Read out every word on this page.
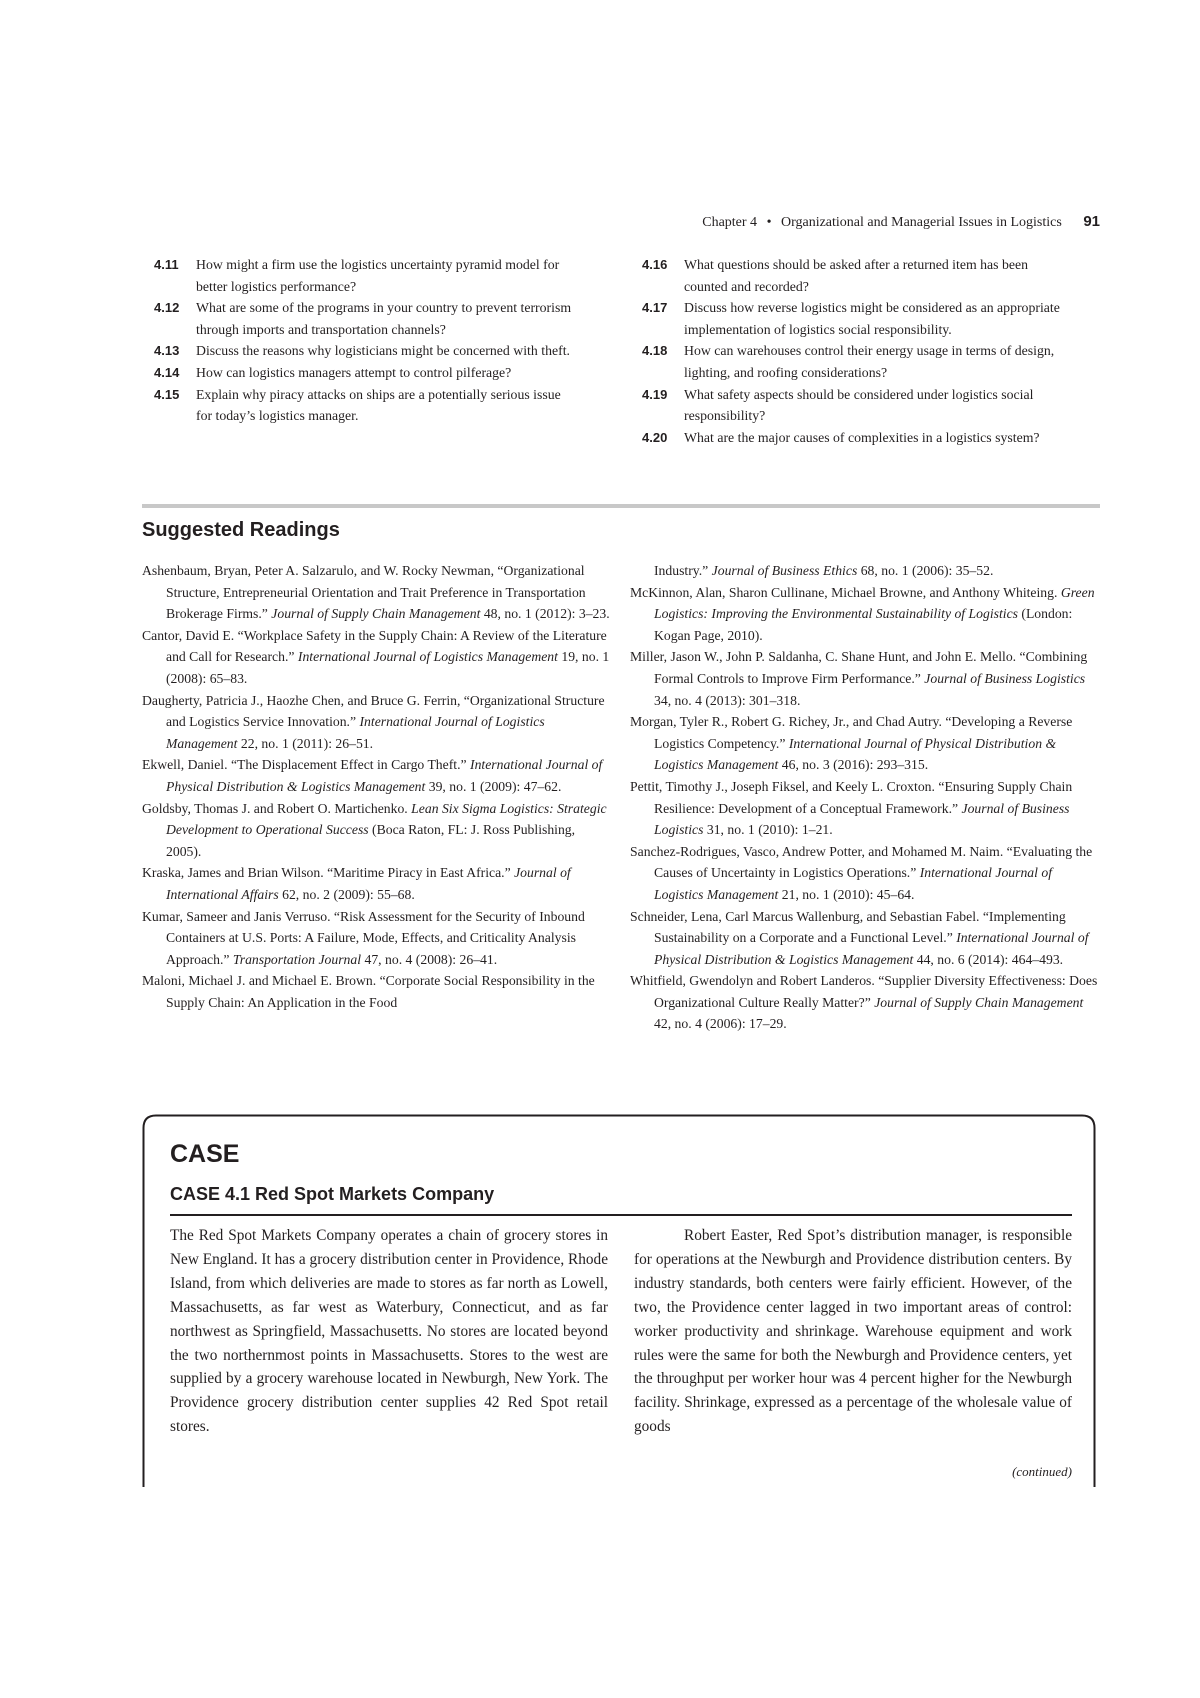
Chapter 4 • Organizational and Managerial Issues in Logistics 91
4.11	How might a firm use the logistics uncertainty pyramid model for better logistics performance?
4.12	What are some of the programs in your country to prevent terrorism through imports and transportation channels?
4.13	Discuss the reasons why logisticians might be concerned with theft.
4.14	How can logistics managers attempt to control pilferage?
4.15	Explain why piracy attacks on ships are a potentially serious issue for today’s logistics manager.
4.16	What questions should be asked after a returned item has been counted and recorded?
4.17	Discuss how reverse logistics might be considered as an appropriate implementation of logistics social responsibility.
4.18	How can warehouses control their energy usage in terms of design, lighting, and roofing considerations?
4.19	What safety aspects should be considered under logistics social responsibility?
4.20	What are the major causes of complexities in a logistics system?
Suggested Readings
Ashenbaum, Bryan, Peter A. Salzarulo, and W. Rocky Newman, “Organizational Structure, Entrepreneurial Orientation and Trait Preference in Transportation Brokerage Firms.” Journal of Supply Chain Management 48, no. 1 (2012): 3–23.
Cantor, David E. “Workplace Safety in the Supply Chain: A Review of the Literature and Call for Research.” International Journal of Logistics Management 19, no. 1 (2008): 65–83.
Daugherty, Patricia J., Haozhe Chen, and Bruce G. Ferrin, “Organizational Structure and Logistics Service Innovation.” International Journal of Logistics Management 22, no. 1 (2011): 26–51.
Ekwell, Daniel. “The Displacement Effect in Cargo Theft.” International Journal of Physical Distribution & Logistics Management 39, no. 1 (2009): 47–62.
Goldsby, Thomas J. and Robert O. Martichenko. Lean Six Sigma Logistics: Strategic Development to Operational Success (Boca Raton, FL: J. Ross Publishing, 2005).
Kraska, James and Brian Wilson. “Maritime Piracy in East Africa.” Journal of International Affairs 62, no. 2 (2009): 55–68.
Kumar, Sameer and Janis Verruso. “Risk Assessment for the Security of Inbound Containers at U.S. Ports: A Failure, Mode, Effects, and Criticality Analysis Approach.” Transportation Journal 47, no. 4 (2008): 26–41.
Maloni, Michael J. and Michael E. Brown. “Corporate Social Responsibility in the Supply Chain: An Application in the Food
Industry.” Journal of Business Ethics 68, no. 1 (2006): 35–52.
McKinnon, Alan, Sharon Cullinane, Michael Browne, and Anthony Whiteing. Green Logistics: Improving the Environmental Sustainability of Logistics (London: Kogan Page, 2010).
Miller, Jason W., John P. Saldanha, C. Shane Hunt, and John E. Mello. “Combining Formal Controls to Improve Firm Performance.” Journal of Business Logistics 34, no. 4 (2013): 301–318.
Morgan, Tyler R., Robert G. Richey, Jr., and Chad Autry. “Developing a Reverse Logistics Competency.” International Journal of Physical Distribution & Logistics Management 46, no. 3 (2016): 293–315.
Pettit, Timothy J., Joseph Fiksel, and Keely L. Croxton. “Ensuring Supply Chain Resilience: Development of a Conceptual Framework.” Journal of Business Logistics 31, no. 1 (2010): 1–21.
Sanchez-Rodrigues, Vasco, Andrew Potter, and Mohamed M. Naim. “Evaluating the Causes of Uncertainty in Logistics Operations.” International Journal of Logistics Management 21, no. 1 (2010): 45–64.
Schneider, Lena, Carl Marcus Wallenburg, and Sebastian Fabel. “Implementing Sustainability on a Corporate and a Functional Level.” International Journal of Physical Distribution & Logistics Management 44, no. 6 (2014): 464–493.
Whitfield, Gwendolyn and Robert Landeros. “Supplier Diversity Effectiveness: Does Organizational Culture Really Matter?” Journal of Supply Chain Management 42, no. 4 (2006): 17–29.
CASE
CASE 4.1 Red Spot Markets Company
The Red Spot Markets Company operates a chain of grocery stores in New England. It has a grocery distribution center in Providence, Rhode Island, from which deliveries are made to stores as far north as Lowell, Massachusetts, as far west as Waterbury, Connecticut, and as far northwest as Springfield, Massachusetts. No stores are located beyond the two northernmost points in Massachusetts. Stores to the west are supplied by a grocery warehouse located in Newburgh, New York. The Providence grocery distribution center supplies 42 Red Spot retail stores.
Robert Easter, Red Spot’s distribution manager, is responsible for operations at the Newburgh and Providence distribution centers. By industry standards, both centers were fairly efficient. However, of the two, the Providence center lagged in two important areas of control: worker productivity and shrinkage. Warehouse equipment and work rules were the same for both the Newburgh and Providence centers, yet the throughput per worker hour was 4 percent higher for the Newburgh facility. Shrinkage, expressed as a percentage of the wholesale value of goods
(continued)
